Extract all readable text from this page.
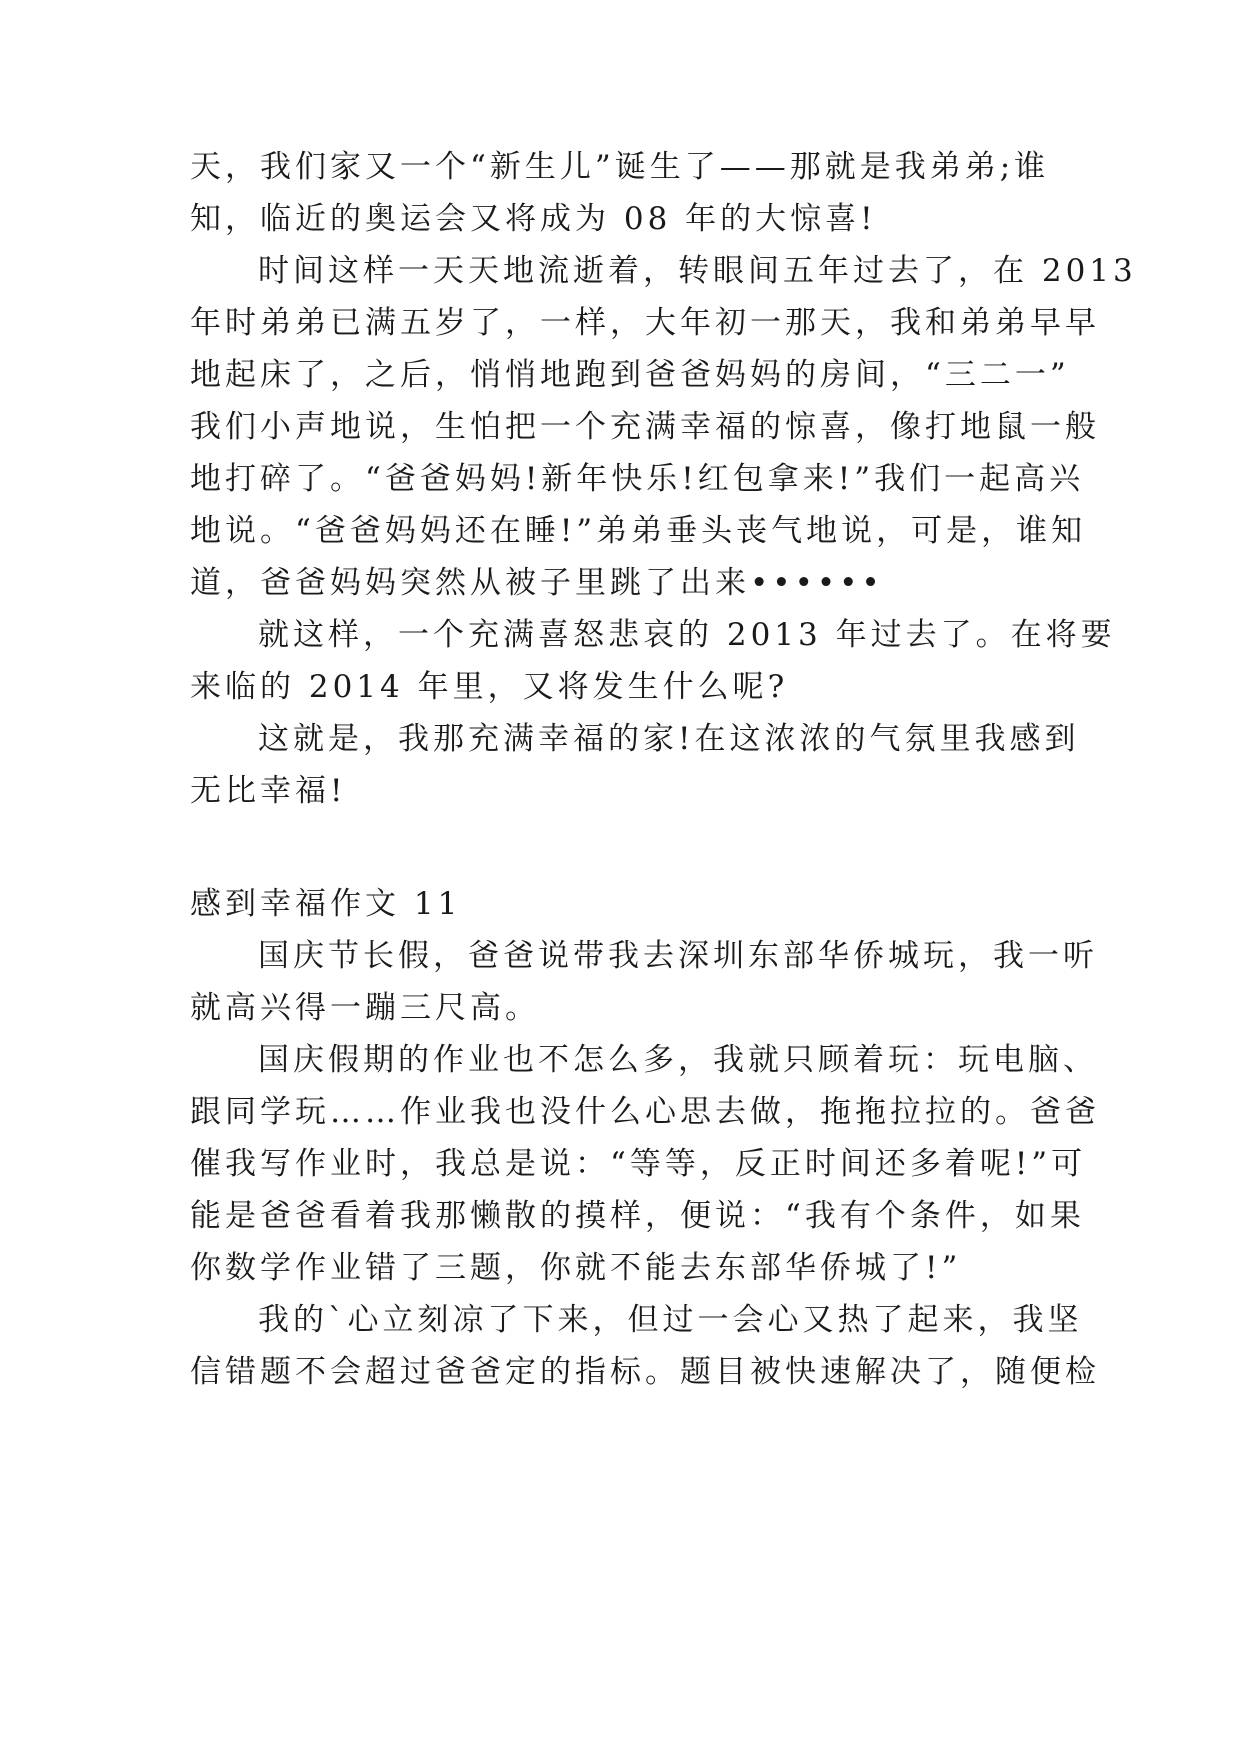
天，我们家又一个“新生儿”诞生了——那就是我弟弟;谁
知，临近的奥运会又将成为 08 年的大惊喜!
时间这样一天天地流逝着，转眼间五年过去了，在 2013
年时弟弟已满五岁了，一样，大年初一那天，我和弟弟早早
地起床了，之后，悄悄地跑到爸爸妈妈的房间，“三二一”
我们小声地说，生怕把一个充满幸福的惊喜，像打地鼠一般
地打碎了。“爸爸妈妈!新年快乐!红包拿来!”我们一起高兴
地说。“爸爸妈妈还在睡!”弟弟垂头丧气地说，可是，谁知
道，爸爸妈妈突然从被子里跳了出来••••••
就这样，一个充满喜怒悲哀的 2013 年过去了。在将要
来临的 2014 年里，又将发生什么呢?
这就是，我那充满幸福的家!在这浓浓的气氛里我感到
无比幸福!
感到幸福作文 11
国庆节长假，爸爸说带我去深圳东部华侨城玩，我一听
就高兴得一蹦三尺高。
国庆假期的作业也不怎么多，我就只顾着玩：玩电脑、
跟同学玩……作业我也没什么心思去做，拖拖拉拉的。爸爸
催我写作业时，我总是说：“等等，反正时间还多着呢!”可
能是爸爸看着我那懒散的摸样，便说：“我有个条件，如果
你数学作业错了三题，你就不能去东部华侨城了!”
我的`心立刻凉了下来，但过一会心又热了起来，我坚
信错题不会超过爸爸定的指标。题目被快速解决了，随便检
